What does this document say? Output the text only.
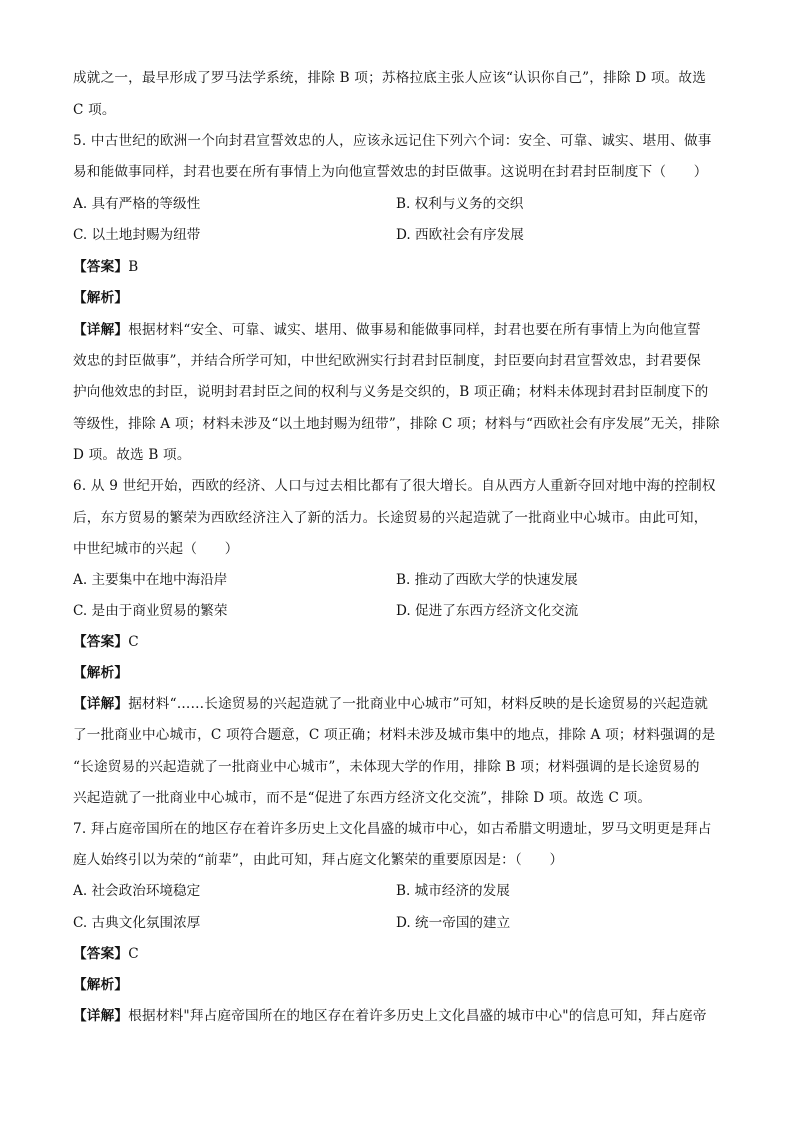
成就之一，最早形成了罗马法学系统，排除 B 项；苏格拉底主张人应该“认识你自己”，排除 D 项。故选
C 项。
5. 中古世纪的欧洲一个向封君宣誓效忠的人，应该永远记住下列六个词：安全、可靠、诚实、堪用、做事
易和能做事同样，封君也要在所有事情上为向他宣誓效忠的封臣做事。这说明在封君封臣制度下（　　）
A. 具有严格的等级性	B. 权利与义务的交织
C. 以土地封赐为纽带	D. 西欧社会有序发展
【答案】B
【解析】
【详解】根据材料“安全、可靠、诚实、堪用、做事易和能做事同样，封君也要在所有事情上为向他宣誓
效忠的封臣做事”，并结合所学可知，中世纪欧洲实行封君封臣制度，封臣要向封君宣誓效忠，封君要保
护向他效忠的封臣，说明封君封臣之间的权利与义务是交织的，B 项正确；材料未体现封君封臣制度下的
等级性，排除 A 项；材料未涉及“以土地封赐为纽带”，排除 C 项；材料与“西欧社会有序发展”无关，排除
D 项。故选 B 项。
6. 从 9 世纪开始，西欧的经济、人口与过去相比都有了很大增长。自从西方人重新夺回对地中海的控制权
后，东方贸易的繁荣为西欧经济注入了新的活力。长途贸易的兴起造就了一批商业中心城市。由此可知，
中世纪城市的兴起（　　）
A. 主要集中在地中海沿岸	B. 推动了西欧大学的快速发展
C. 是由于商业贸易的繁荣	D. 促进了东西方经济文化交流
【答案】C
【解析】
【详解】据材料“……长途贸易的兴起造就了一批商业中心城市”可知，材料反映的是长途贸易的兴起造就
了一批商业中心城市，C 项符合题意，C 项正确；材料未涉及城市集中的地点，排除 A 项；材料强调的是
“长途贸易的兴起造就了一批商业中心城市”，未体现大学的作用，排除 B 项；材料强调的是长途贸易的
兴起造就了一批商业中心城市，而不是“促进了东西方经济文化交流”，排除 D 项。故选 C 项。
7. 拜占庭帝国所在的地区存在着许多历史上文化昌盛的城市中心，如古希腊文明遗址，罗马文明更是拜占
庭人始终引以为荣的“前辈”，由此可知，拜占庭文化繁荣的重要原因是：（　　）
A. 社会政治环境稳定	B. 城市经济的发展
C. 古典文化氛围浓厚	D. 统一帝国的建立
【答案】C
【解析】
【详解】根据材料"拜占庭帝国所在的地区存在着许多历史上文化昌盛的城市中心"的信息可知，拜占庭帝
